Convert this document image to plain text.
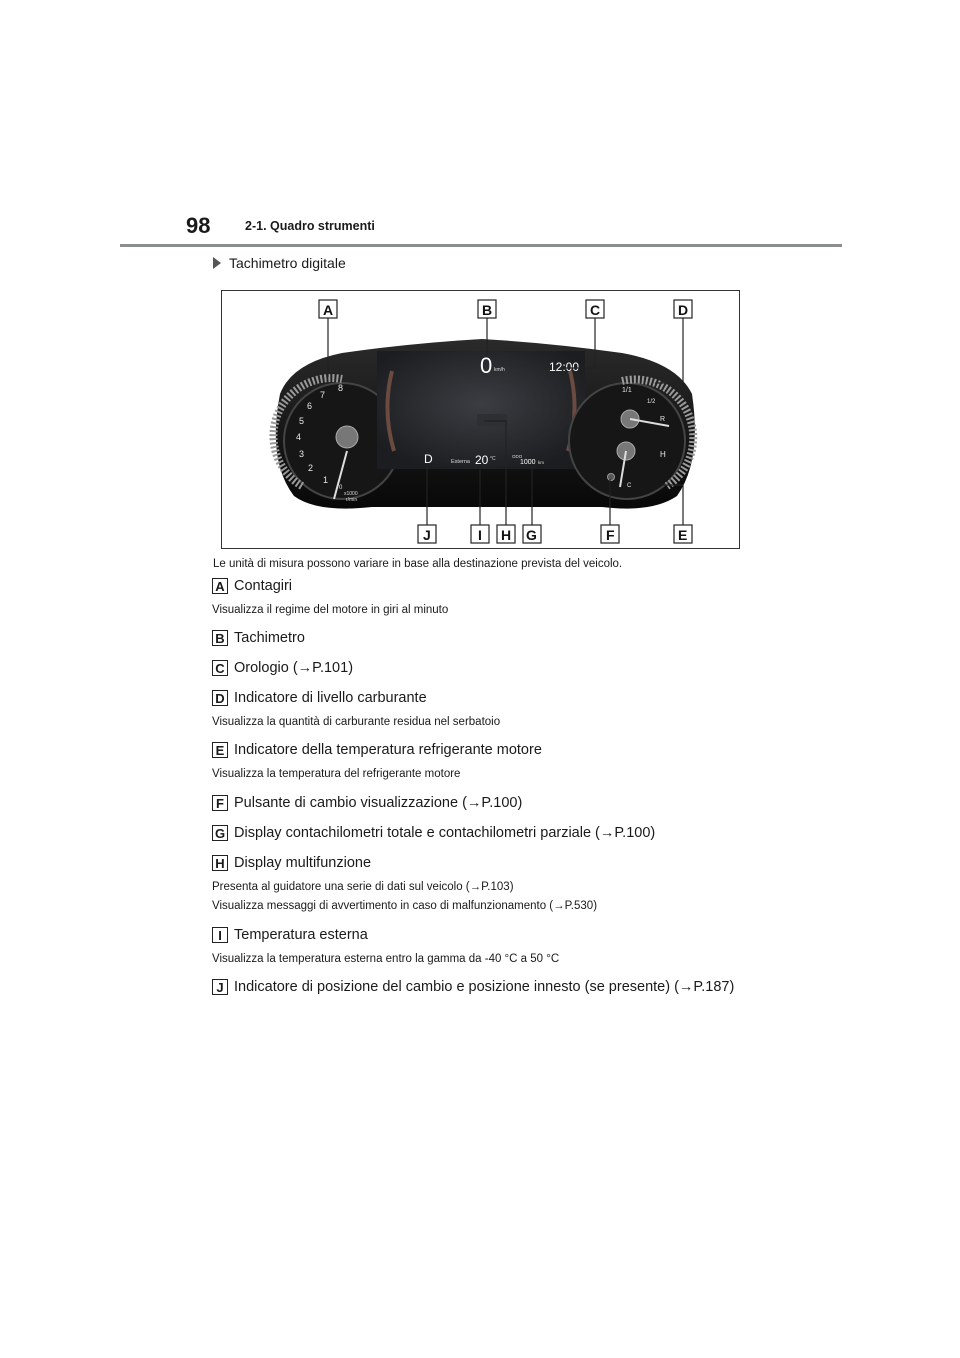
98	2-1. Quadro strumenti
Tachimetro digitale
1
2
3
4
5
6
7
8
0
x1000
r/min
0 km/h	12:00
D	Esterna 20 °C	ODO
1000 km
1/1
1/2
R
H
C
A	B	C	D
J	I H G	F	E
Le unità di misura possono variare in base alla destinazione prevista del veicolo.
A Contagiri
Visualizza il regime del motore in giri al minuto
B Tachimetro
C Orologio (→P.101)
D Indicatore di livello carburante
Visualizza la quantità di carburante residua nel serbatoio
E Indicatore della temperatura refrigerante motore
Visualizza la temperatura del refrigerante motore
F Pulsante di cambio visualizzazione (→P.100)
G Display contachilometri totale e contachilometri parziale (→P.100)
H Display multifunzione
Presenta al guidatore una serie di dati sul veicolo (→P.103)
Visualizza messaggi di avvertimento in caso di malfunzionamento (→P.530)
I Temperatura esterna
Visualizza la temperatura esterna entro la gamma da -40 °C a 50 °C
J Indicatore di posizione del cambio e posizione innesto (se presente) (→P.187)
